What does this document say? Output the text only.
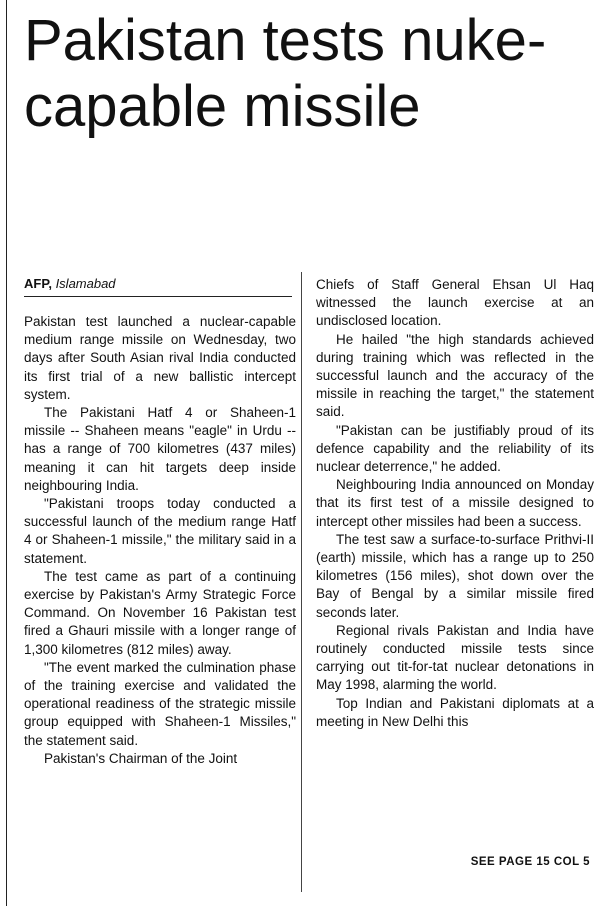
Pakistan tests nuke-capable missile
AFP, Islamabad

Pakistan test launched a nuclear-capable medium range missile on Wednesday, two days after South Asian rival India conducted its first trial of a new ballistic intercept system.

The Pakistani Hatf 4 or Shaheen-1 missile -- Shaheen means "eagle" in Urdu -- has a range of 700 kilometres (437 miles) meaning it can hit targets deep inside neighbouring India.

"Pakistani troops today conducted a successful launch of the medium range Hatf 4 or Shaheen-1 missile," the military said in a statement.

The test came as part of a continuing exercise by Pakistan's Army Strategic Force Command. On November 16 Pakistan test fired a Ghauri missile with a longer range of 1,300 kilometres (812 miles) away.

"The event marked the culmination phase of the training exercise and validated the operational readiness of the strategic missile group equipped with Shaheen-1 Missiles," the statement said.

Pakistan's Chairman of the Joint

Chiefs of Staff General Ehsan Ul Haq witnessed the launch exercise at an undisclosed location.

He hailed "the high standards achieved during training which was reflected in the successful launch and the accuracy of the missile in reaching the target," the statement said.

"Pakistan can be justifiably proud of its defence capability and the reliability of its nuclear deterrence," he added.

Neighbouring India announced on Monday that its first test of a missile designed to intercept other missiles had been a success.

The test saw a surface-to-surface Prithvi-II (earth) missile, which has a range up to 250 kilometres (156 miles), shot down over the Bay of Bengal by a similar missile fired seconds later.

Regional rivals Pakistan and India have routinely conducted missile tests since carrying out tit-for-tat nuclear detonations in May 1998, alarming the world.

Top Indian and Pakistani diplomats at a meeting in New Delhi this

SEE PAGE 15 COL 5
